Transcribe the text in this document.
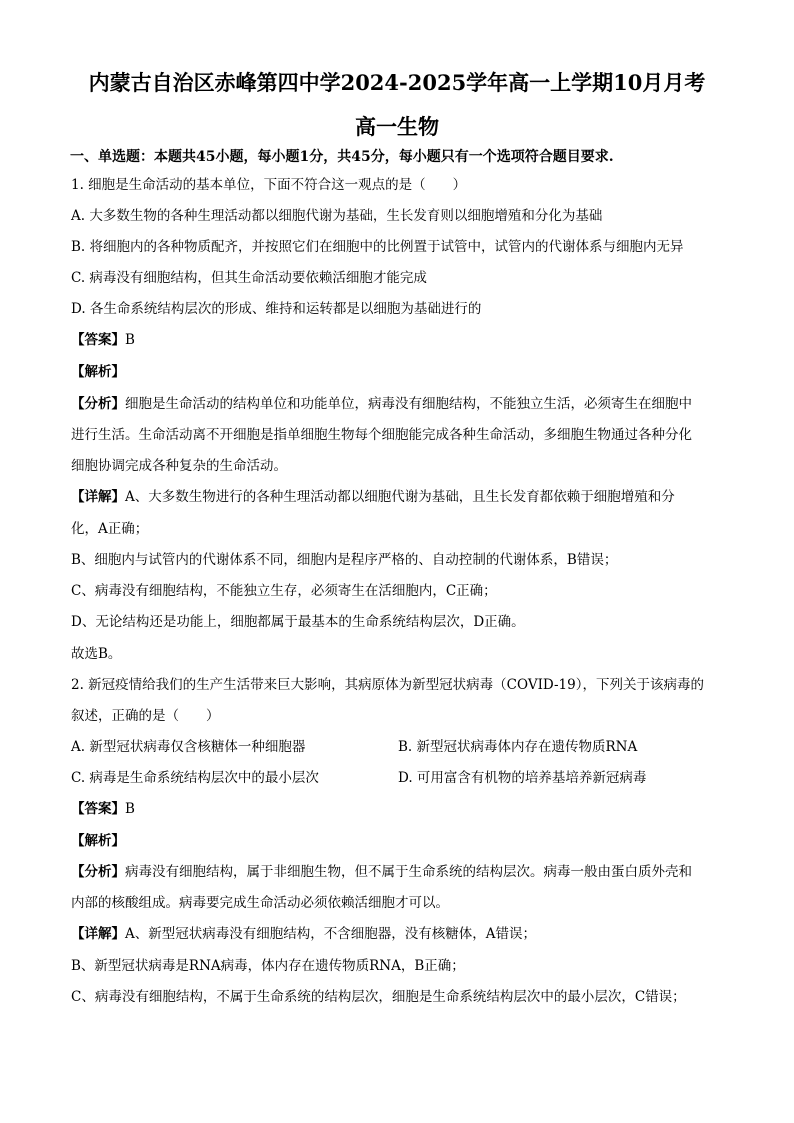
内蒙古自治区赤峰第四中学2024-2025学年高一上学期10月月考
高一生物
一、单选题：本题共45小题，每小题1分，共45分，每小题只有一个选项符合题目要求.
1. 细胞是生命活动的基本单位，下面不符合这一观点的是（　　）
A. 大多数生物的各种生理活动都以细胞代谢为基础，生长发育则以细胞增殖和分化为基础
B. 将细胞内的各种物质配齐，并按照它们在细胞中的比例置于试管中，试管内的代谢体系与细胞内无异
C. 病毒没有细胞结构，但其生命活动要依赖活细胞才能完成
D. 各生命系统结构层次的形成、维持和运转都是以细胞为基础进行的
【答案】B
【解析】
【分析】细胞是生命活动的结构单位和功能单位，病毒没有细胞结构，不能独立生活，必须寄生在细胞中
进行生活。生命活动离不开细胞是指单细胞生物每个细胞能完成各种生命活动，多细胞生物通过各种分化
细胞协调完成各种复杂的生命活动。
【详解】A、大多数生物进行的各种生理活动都以细胞代谢为基础，且生长发育都依赖于细胞增殖和分
化，A正确；
B、细胞内与试管内的代谢体系不同，细胞内是程序严格的、自动控制的代谢体系，B错误；
C、病毒没有细胞结构，不能独立生存，必须寄生在活细胞内，C正确；
D、无论结构还是功能上，细胞都属于最基本的生命系统结构层次，D正确。
故选B。
2. 新冠疫情给我们的生产生活带来巨大影响，其病原体为新型冠状病毒（COVID-19），下列关于该病毒的
叙述，正确的是（　　）
A. 新型冠状病毒仅含核糖体一种细胞器	B. 新型冠状病毒体内存在遗传物质RNA
C. 病毒是生命系统结构层次中的最小层次	D. 可用富含有机物的培养基培养新冠病毒
【答案】B
【解析】
【分析】病毒没有细胞结构，属于非细胞生物，但不属于生命系统的结构层次。病毒一般由蛋白质外壳和
内部的核酸组成。病毒要完成生命活动必须依赖活细胞才可以。
【详解】A、新型冠状病毒没有细胞结构，不含细胞器，没有核糖体，A错误；
B、新型冠状病毒是RNA病毒，体内存在遗传物质RNA，B正确；
C、病毒没有细胞结构，不属于生命系统的结构层次，细胞是生命系统结构层次中的最小层次，C错误；
